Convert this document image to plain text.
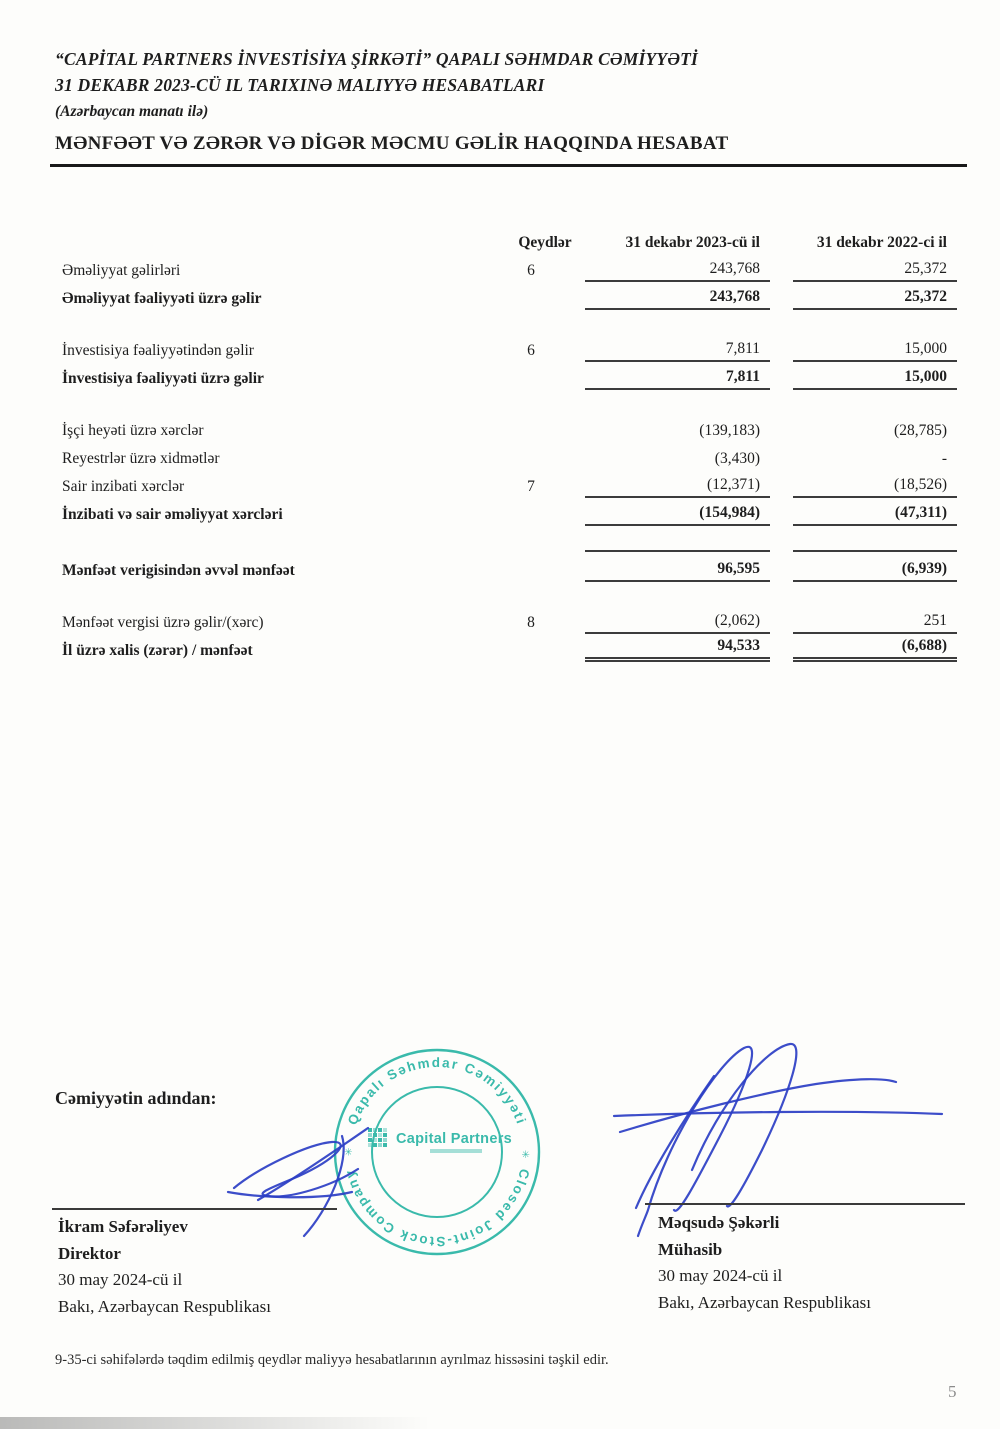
“CAPİTAL PARTNERS İNVESTİSİYA ŞİRKƏTİ” QAPALI SƏHMDAR CƏMİYYƏTİ
31 DEKABR 2023-CÜ IL TARIXINƏ MALIYYƏ HESABATLARI
(Azərbaycan manatı ilə)
MƏNFƏƏT VƏ ZƏRƏR VƏ DİGƏR MƏCMU GƏLİR HAQQINDA HESABAT
Qeydlər	31 dekabr 2023-cü il	31 dekabr 2022-ci il
Əməliyyat gəlirləri	6	243,768	25,372
Əməliyyat fəaliyyəti üzrə gəlir	243,768	25,372
İnvestisiya fəaliyyətindən gəlir	6	7,811	15,000
İnvestisiya fəaliyyəti üzrə gəlir	7,811	15,000
İşçi heyəti üzrə xərclər	(139,183)	(28,785)
Reyestrlər üzrə xidmətlər	(3,430)	-
Sair inzibati xərclər	7	(12,371)	(18,526)
İnzibati və sair əməliyyat xərcləri	(154,984)	(47,311)
Mənfəət verigisindən əvvəl mənfəət	96,595	(6,939)
Mənfəət vergisi üzrə gəlir/(xərc)	8	(2,062)	251
İl üzrə xalis (zərər) / mənfəət	94,533	(6,688)
Cəmiyyətin adından:
Qapalı Səhmdar Cəmiyyəti
Closed Joint-Stock Company
✳	✳
Capital Partners
İkram Səfərəliyev
Direktor
30 may 2024-cü il
Bakı, Azərbaycan Respublikası
Məqsudə Şəkərli
Mühasib
30 may 2024-cü il
Bakı, Azərbaycan Respublikası
9-35-ci səhifələrdə təqdim edilmiş qeydlər maliyyə hesabatlarının ayrılmaz hissəsini təşkil edir.
5
